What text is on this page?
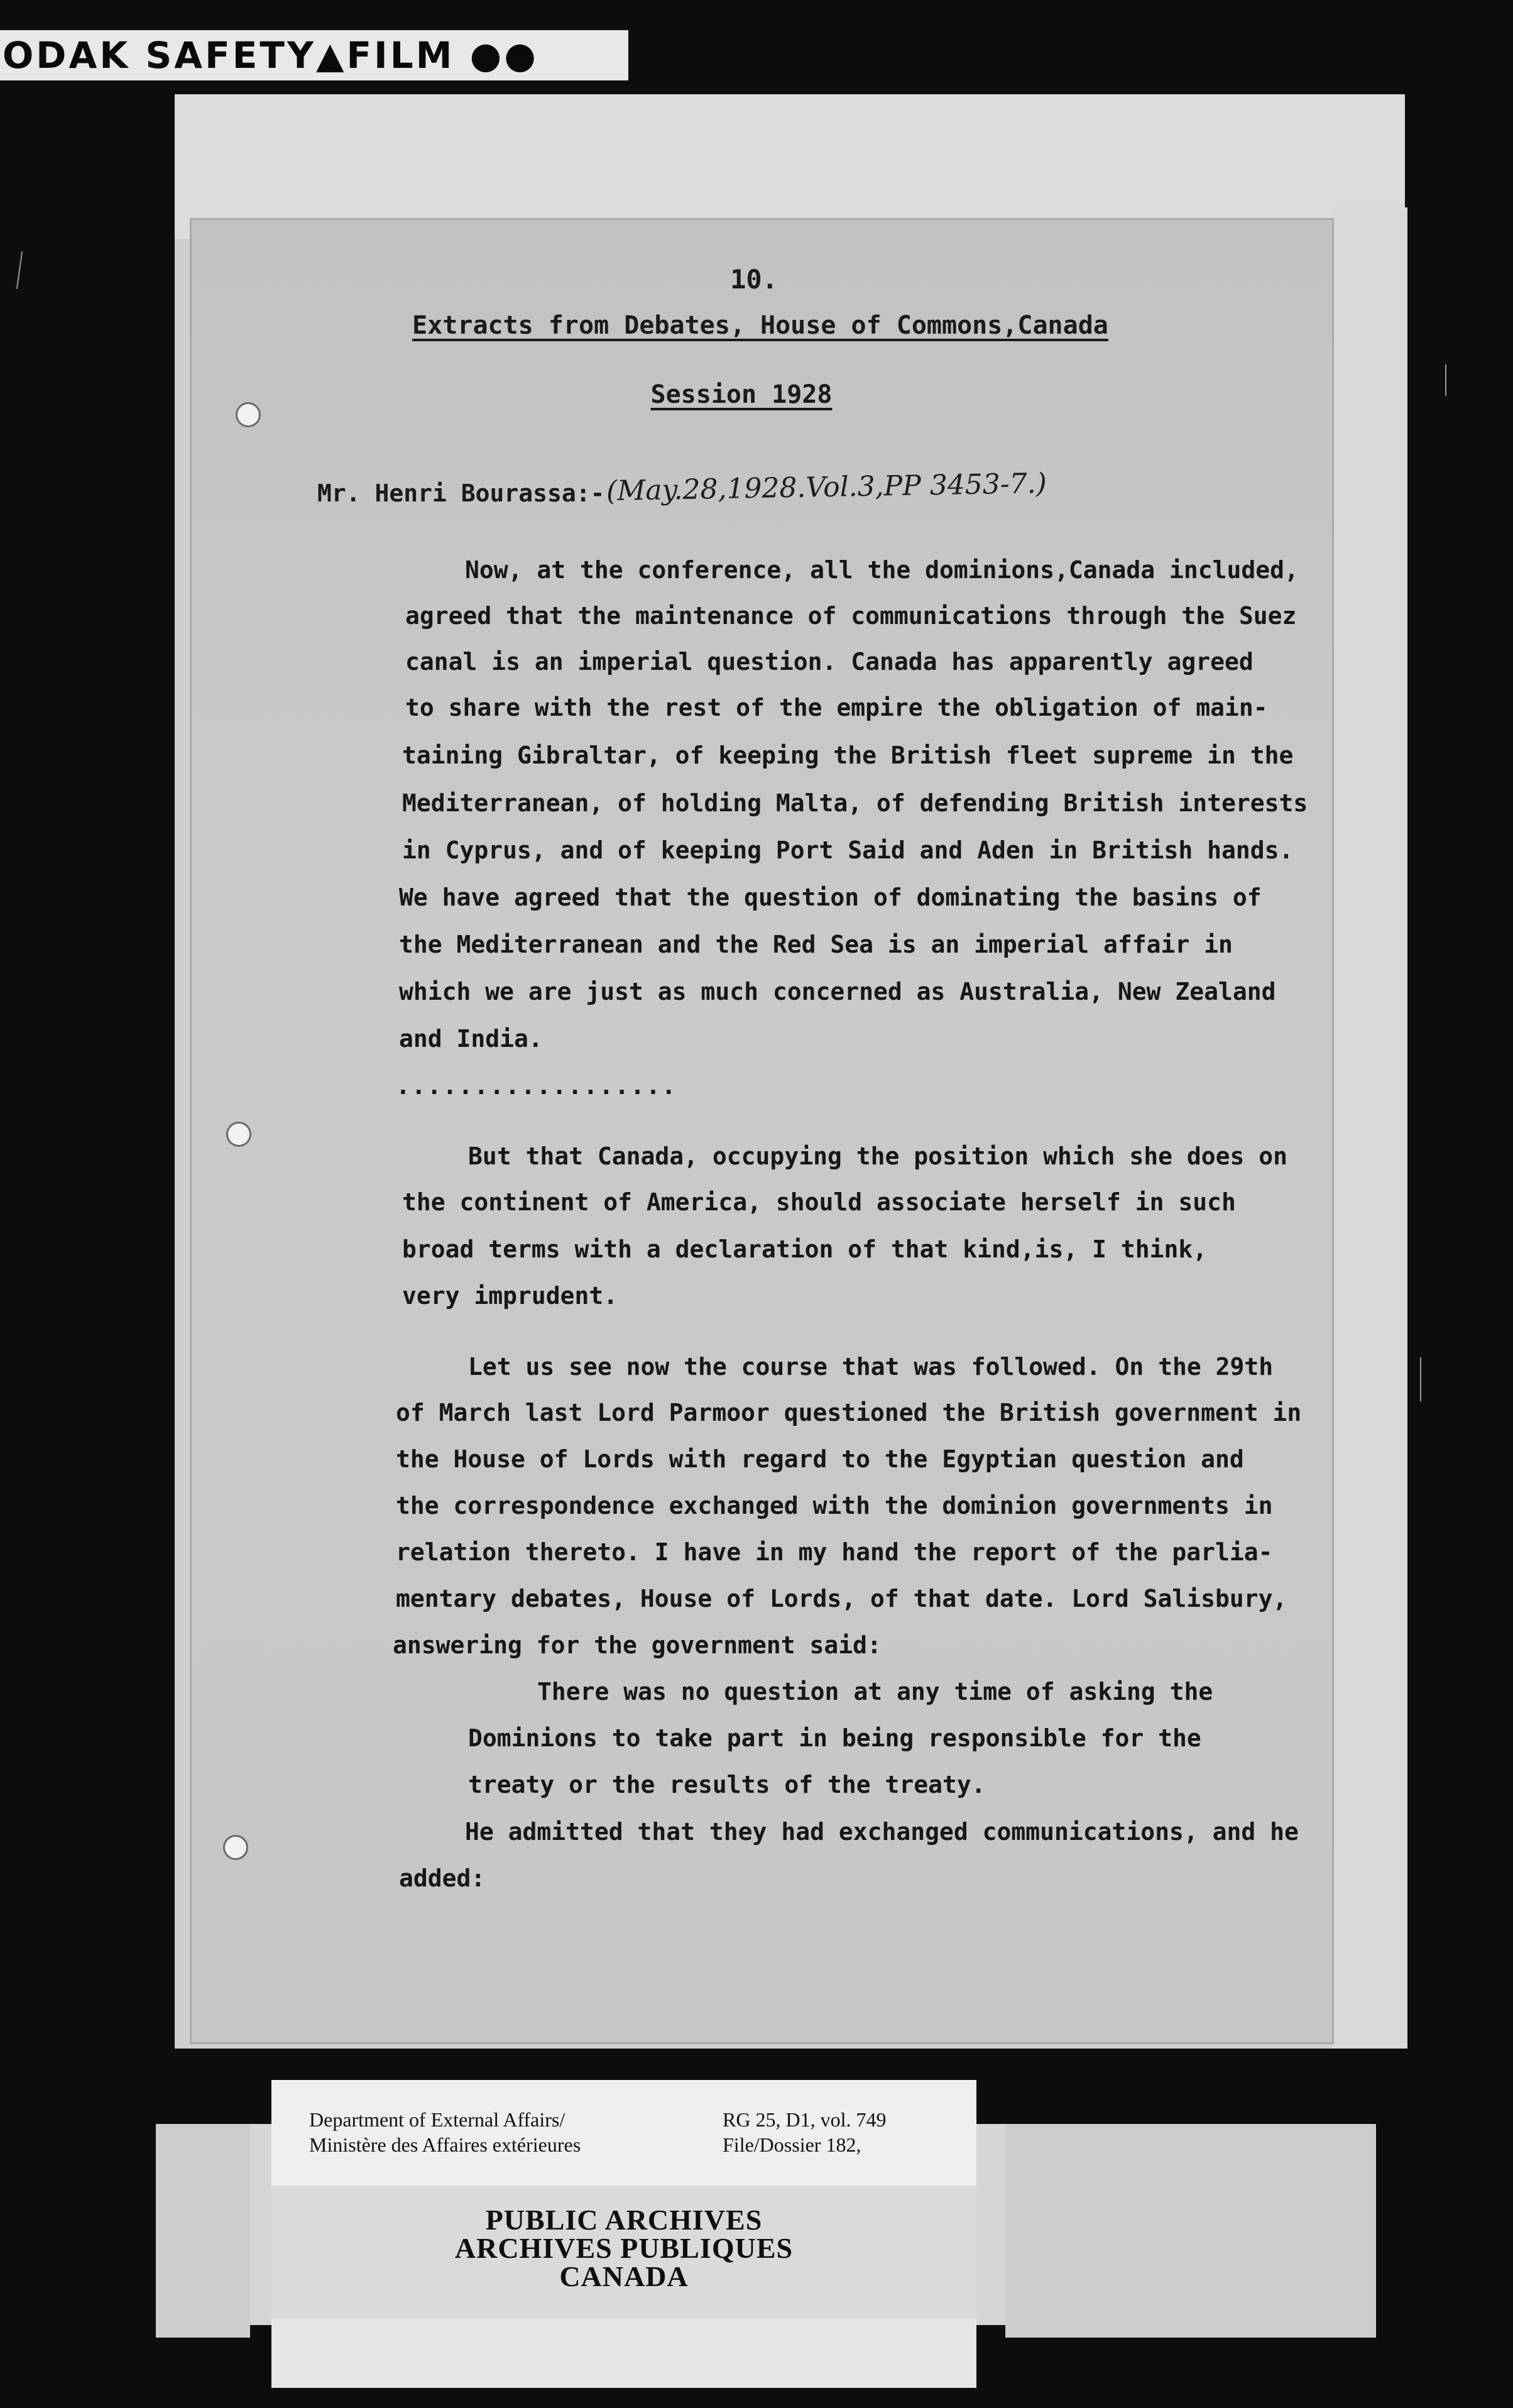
ODAK SAFETY▲FILM ●●
10.
Extracts from Debates, House of Commons,Canada
Session 1928
Mr. Henri Bourassa:- (May.28,1928.Vol.3,PP 3453-7.)
Now, at the conference, all the dominions,Canada included,
agreed that the maintenance of communications through the Suez
canal is an imperial question. Canada has apparently agreed
to share with the rest of the empire the obligation of main-
taining Gibraltar, of keeping the British fleet supreme in the
Mediterranean, of holding Malta, of defending British interests
in Cyprus, and of keeping Port Said and Aden in British hands.
We have agreed that the question of dominating the basins of
the Mediterranean and the Red Sea is an imperial affair in
which we are just as much concerned as Australia, New Zealand
and India.
..................
But that Canada, occupying the position which she does on
the continent of America, should associate herself in such
broad terms with a declaration of that kind,is, I think,
very imprudent.
Let us see now the course that was followed. On the 29th
of March last Lord Parmoor questioned the British government in
the House of Lords with regard to the Egyptian question and
the correspondence exchanged with the dominion governments in
relation thereto. I have in my hand the report of the parlia-
mentary debates, House of Lords, of that date. Lord Salisbury,
answering for the government said:
There was no question at any time of asking the
Dominions to take part in being responsible for the
treaty or the results of the treaty.
He admitted that they had exchanged communications, and he
added:
Department of External Affairs/
Ministère des Affaires extérieures
RG 25, D1, vol. 749
File/Dossier 182,
PUBLIC ARCHIVES
ARCHIVES PUBLIQUES
CANADA
